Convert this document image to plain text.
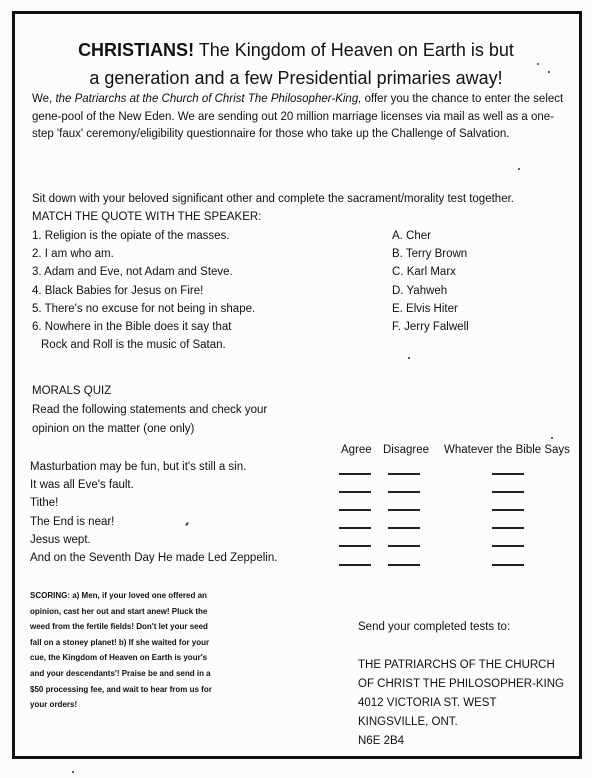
CHRISTIANS! The Kingdom of Heaven on Earth is but
a generation and a few Presidential primaries away!
We, the Patriarchs at the Church of Christ The Philosopher-King, offer you the chance to enter the select gene-pool of the New Eden. We are sending out 20 million marriage licenses via mail as well as a one-step 'faux' ceremony/eligibility questionnaire for those who take up the Challenge of Salvation.
Sit down with your beloved significant other and complete the sacrament/morality test together.
MATCH THE QUOTE WITH THE SPEAKER:
1. Religion is the opiate of the masses.
2. I am who am.
3. Adam and Eve, not Adam and Steve.
4. Black Babies for Jesus on Fire!
5. There's no excuse for not being in shape.
6. Nowhere in the Bible does it say that
Rock and Roll is the music of Satan.
A. Cher
B. Terry Brown
C. Karl Marx
D. Yahweh
E. Elvis Hiter
F. Jerry Falwell
MORALS QUIZ
Read the following statements and check your
opinion on the matter (one only)
Agree Disagree Whatever the Bible Says
Masturbation may be fun, but it's still a sin.
It was all Eve's fault.
Tithe!
The End is near!
Jesus wept.
And on the Seventh Day He made Led Zeppelin.
SCORING: a) Men, if your loved one offered an
opinion, cast her out and start anew! Pluck the
weed from the fertile fields! Don't let your seed
fall on a stoney planet! b) If she waited for your
cue, the Kingdom of Heaven on Earth is your's
and your descendants'! Praise be and send in a
$50 processing fee, and wait to hear from us for
your orders!
Send your completed tests to:
THE PATRIARCHS OF THE CHURCH
OF CHRIST THE PHILOSOPHER-KING
4012 VICTORIA ST. WEST
KINGSVILLE, ONT.
N6E 2B4
